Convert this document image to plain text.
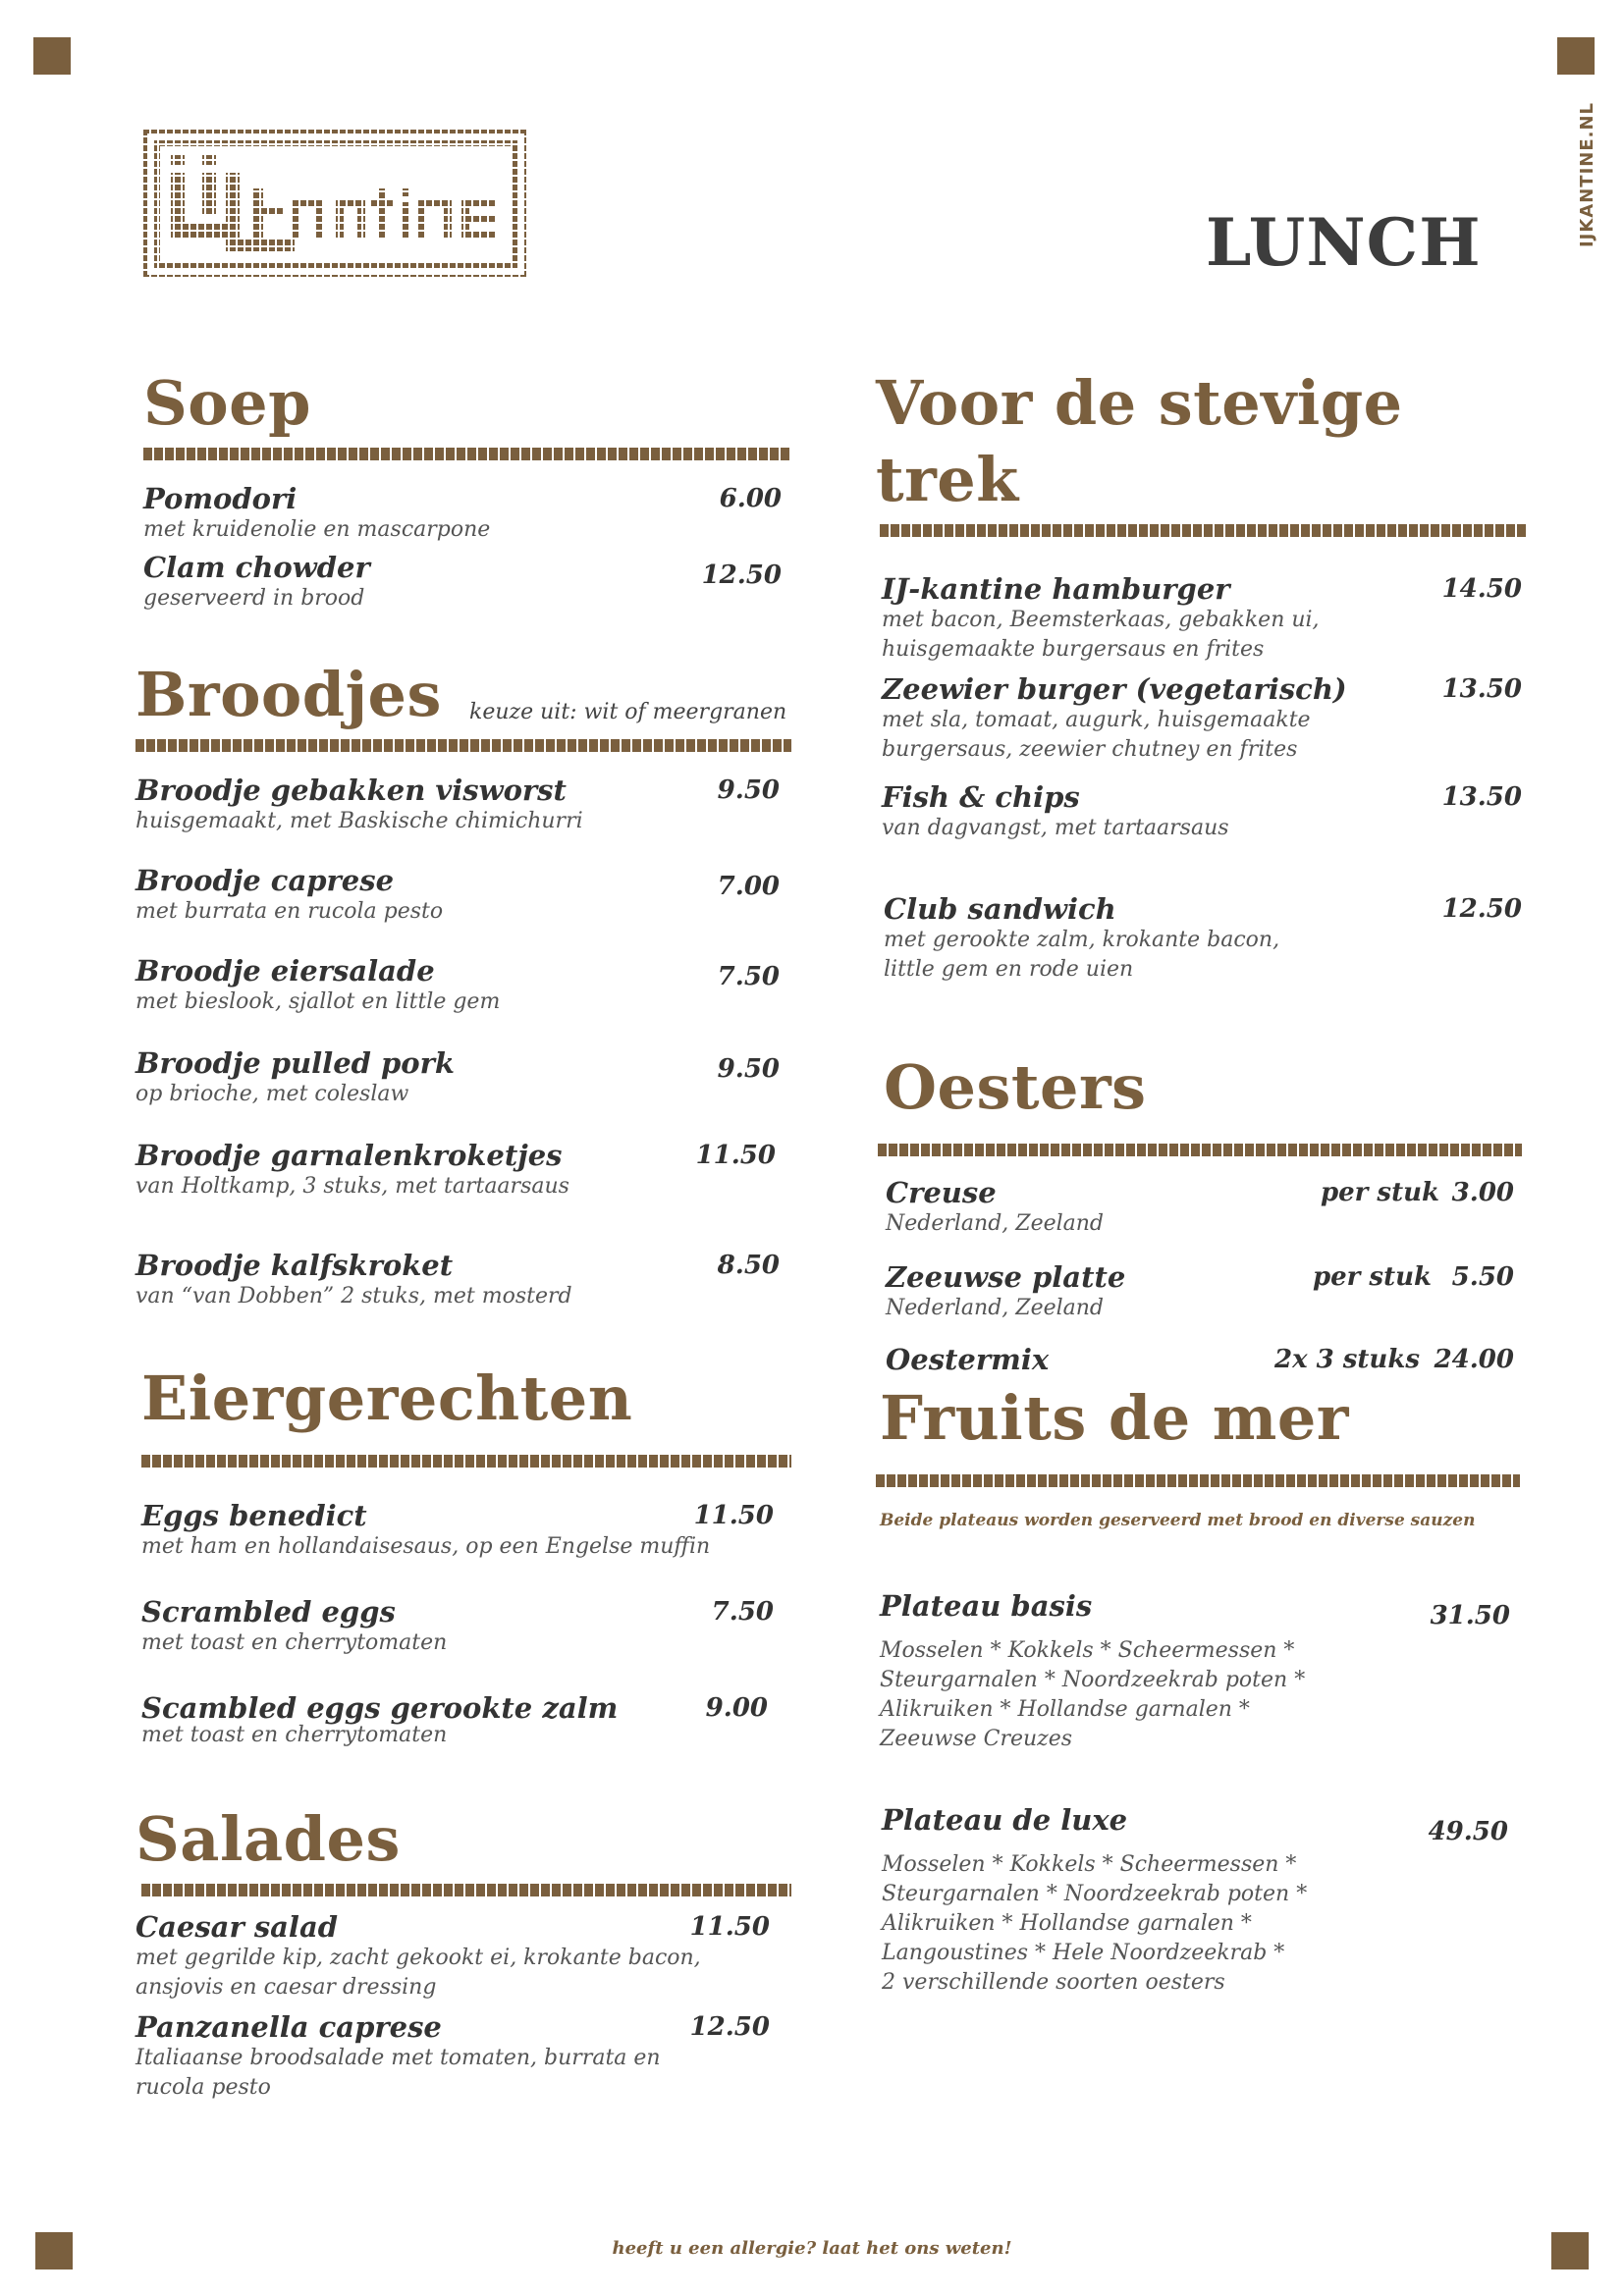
LUNCH	IJKANTINE.NL
Soep
Pomodori
met kruidenolie en mascarpone
6.00
Clam chowder
geserveerd in brood
12.50
Broodjes	keuze uit: wit of meergranen
Broodje gebakken visworst
huisgemaakt, met Baskische chimichurri
9.50
Broodje caprese
met burrata en rucola pesto
7.00
Broodje eiersalade
met bieslook, sjallot en little gem
7.50
Broodje pulled pork
op brioche, met coleslaw
9.50
Broodje garnalenkroketjes
van Holtkamp, 3 stuks, met tartaarsaus
11.50
Broodje kalfskroket
van “van Dobben” 2 stuks, met mosterd
8.50
Eiergerechten
Eggs benedict
met ham en hollandaisesaus, op een Engelse muffin
11.50
Scrambled eggs
met toast en cherrytomaten
7.50
Scambled eggs gerookte zalm
met toast en cherrytomaten
9.00
Salades
Caesar salad
met gegrilde kip, zacht gekookt ei, krokante bacon,
ansjovis en caesar dressing
11.50
Panzanella caprese
Italiaanse broodsalade met tomaten, burrata en
rucola pesto
12.50
Voor de stevige trek
IJ-kantine hamburger
met bacon, Beemsterkaas, gebakken ui,
huisgemaakte burgersaus en frites
14.50
Zeewier burger (vegetarisch)
met sla, tomaat, augurk, huisgemaakte
burgersaus, zeewier chutney en frites
13.50
Fish & chips
van dagvangst, met tartaarsaus
13.50
Club sandwich
met gerookte zalm, krokante bacon,
little gem en rode uien
12.50
Oesters
Creuse
Nederland, Zeeland
per stuk 3.00
Zeeuwse platte
Nederland, Zeeland
per stuk 5.50
Oestermix	2x 3 stuks 24.00
Fruits de mer
Beide plateaus worden geserveerd met brood en diverse sauzen
Plateau basis
Mosselen * Kokkels * Scheermessen *
Steurgarnalen * Noordzeekrab poten *
Alikruiken * Hollandse garnalen *
Zeeuwse Creuzes
31.50
Plateau de luxe
Mosselen * Kokkels * Scheermessen *
Steurgarnalen * Noordzeekrab poten *
Alikruiken * Hollandse garnalen *
Langoustines * Hele Noordzeekrab *
2 verschillende soorten oesters
49.50
heeft u een allergie? laat het ons weten!
